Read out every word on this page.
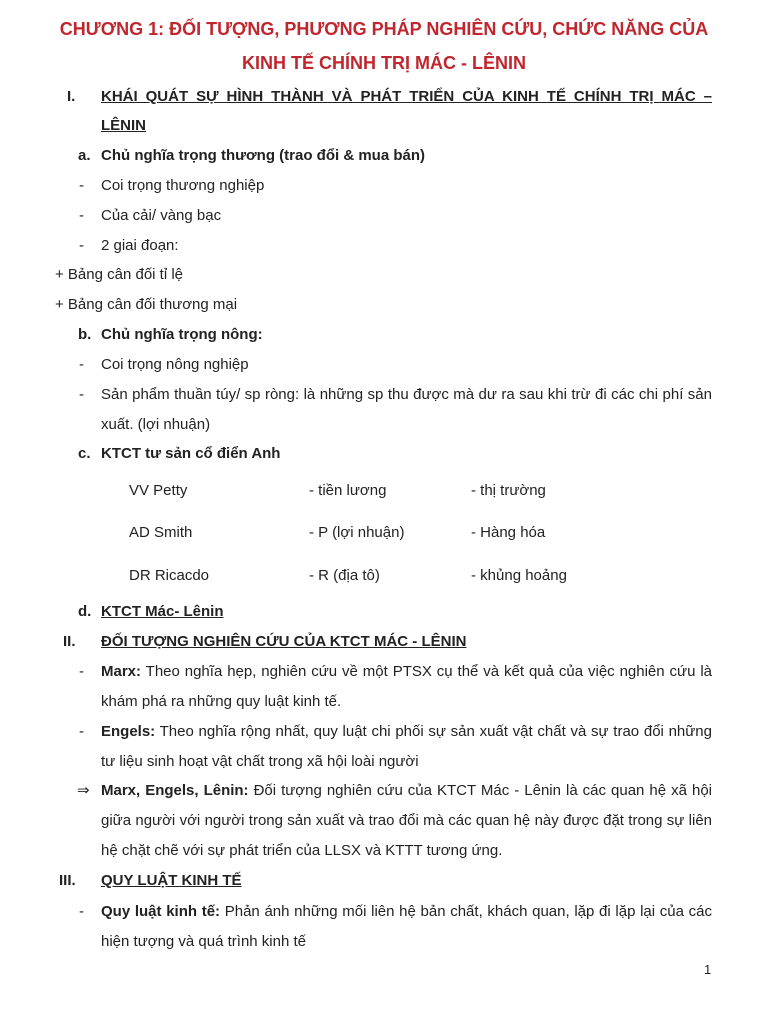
CHƯƠNG 1: ĐỐI TƯỢNG, PHƯƠNG PHÁP NGHIÊN CỨU, CHỨC NĂNG CỦA
KINH TẾ CHÍNH TRỊ MÁC - LÊNIN
I. KHÁI QUÁT SỰ HÌNH THÀNH VÀ PHÁT TRIỂN CỦA KINH TẾ CHÍNH TRỊ MÁC –
LÊNIN
a. Chủ nghĩa trọng thương (trao đổi & mua bán)
- Coi trọng thương nghiệp
- Của cải/ vàng bạc
- 2 giai đoạn:
+ Bảng cân đối tỉ lệ
+ Bảng cân đối thương mại
b. Chủ nghĩa trọng nông:
- Coi trọng nông nghiệp
- Sản phẩm thuần túy/ sp ròng: là những sp thu được mà dư ra sau khi trừ đi các chi phí sản xuất. (lợi nhuận)
c. KTCT tư sản cổ điển Anh
VV Petty	- tiền lương	- thị trường
AD Smith	- P (lợi nhuận)	- Hàng hóa
DR Ricacdo	- R (địa tô)	- khủng hoảng
d. KTCT Mác- Lênin
II. ĐỐI TƯỢNG NGHIÊN CỨU CỦA KTCT MÁC - LÊNIN
- Marx: Theo nghĩa hẹp, nghiên cứu về một PTSX cụ thể và kết quả của việc nghiên cứu là khám phá ra những quy luật kinh tế.
- Engels: Theo nghĩa rộng nhất, quy luật chi phối sự sản xuất vật chất và sự trao đổi những tư liệu sinh hoạt vật chất trong xã hội loài người
⇒ Marx, Engels, Lênin: Đối tượng nghiên cứu của KTCT Mác - Lênin là các quan hệ xã hội giữa người với người trong sản xuất và trao đổi mà các quan hệ này được đặt trong sự liên hệ chặt chẽ với sự phát triển của LLSX và KTTT tương ứng.
III. QUY LUẬT KINH TẾ
- Quy luật kinh tế: Phản ánh những mối liên hệ bản chất, khách quan, lặp đi lặp lại của các hiện tượng và quá trình kinh tế
1
